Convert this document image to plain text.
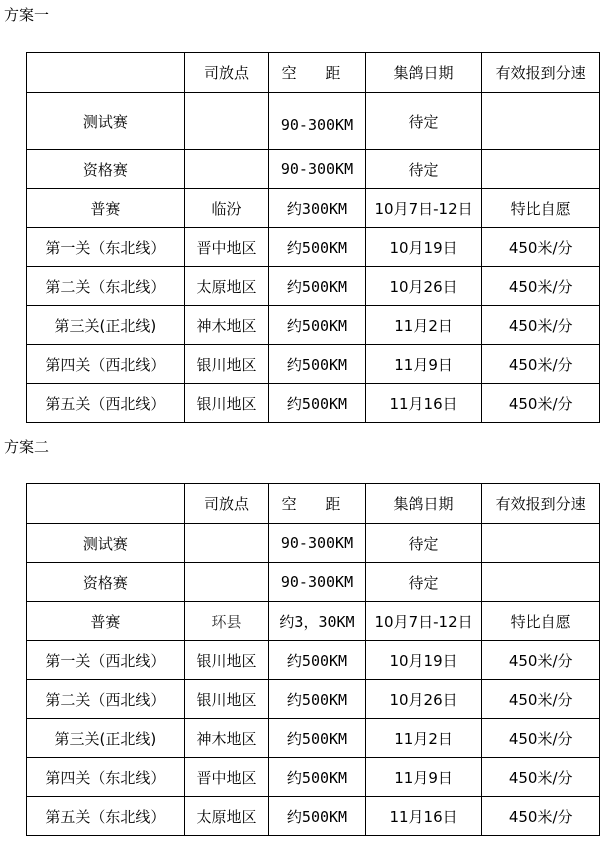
方案一
	司放点	空 距	集鸽日期	有效报到分速
测试赛		90-300KM	待定	
资格赛		90-300KM	待定	
普赛	临汾	约300KM	10月7日-12日	特比自愿
第一关（东北线）	晋中地区	约500KM	10月19日	450米/分
第二关（东北线）	太原地区	约500KM	10月26日	450米/分
第三关(正北线)	神木地区	约500KM	11月2日	450米/分
第四关（西北线）	银川地区	约500KM	11月9日	450米/分
第五关（西北线）	银川地区	约500KM	11月16日	450米/分
方案二
	司放点	空 距	集鸽日期	有效报到分速
测试赛		90-300KM	待定	
资格赛		90-300KM	待定	
普赛	环县	约3，30KM	10月7日-12日	特比自愿
第一关（西北线）	银川地区	约500KM	10月19日	450米/分
第二关（西北线）	银川地区	约500KM	10月26日	450米/分
第三关(正北线)	神木地区	约500KM	11月2日	450米/分
第四关（东北线）	晋中地区	约500KM	11月9日	450米/分
第五关（东北线）	太原地区	约500KM	11月16日	450米/分
